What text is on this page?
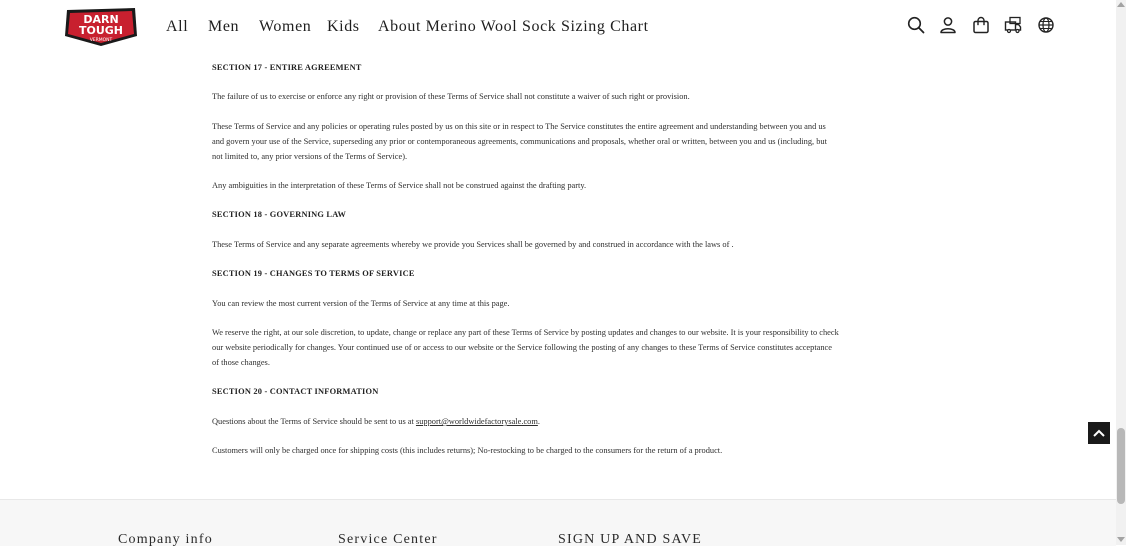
DARN
TOUGH
VERMONT
All Men Women Kids About Merino Wool Sock Sizing Chart

SECTION 17 - ENTIRE AGREEMENT

The failure of us to exercise or enforce any right or provision of these Terms of Service shall not constitute a waiver of such right or provision.

These Terms of Service and any policies or operating rules posted by us on this site or in respect to The Service constitutes the entire agreement and understanding between you and us

and govern your use of the Service, superseding any prior or contemporaneous agreements, communications and proposals, whether oral or written, between you and us (including, but

not limited to, any prior versions of the Terms of Service).

Any ambiguities in the interpretation of these Terms of Service shall not be construed against the drafting party.

SECTION 18 - GOVERNING LAW

These Terms of Service and any separate agreements whereby we provide you Services shall be governed by and construed in accordance with the laws of .

SECTION 19 - CHANGES TO TERMS OF SERVICE

You can review the most current version of the Terms of Service at any time at this page.

We reserve the right, at our sole discretion, to update, change or replace any part of these Terms of Service by posting updates and changes to our website. It is your responsibility to check

our website periodically for changes. Your continued use of or access to our website or the Service following the posting of any changes to these Terms of Service constitutes acceptance

of those changes.

SECTION 20 - CONTACT INFORMATION

Questions about the Terms of Service should be sent to us at support@worldwidefactorysale.com.

Customers will only be charged once for shipping costs (this includes returns); No-restocking to be charged to the consumers for the return of a product.

Company info	Service Center	SIGN UP AND SAVE
